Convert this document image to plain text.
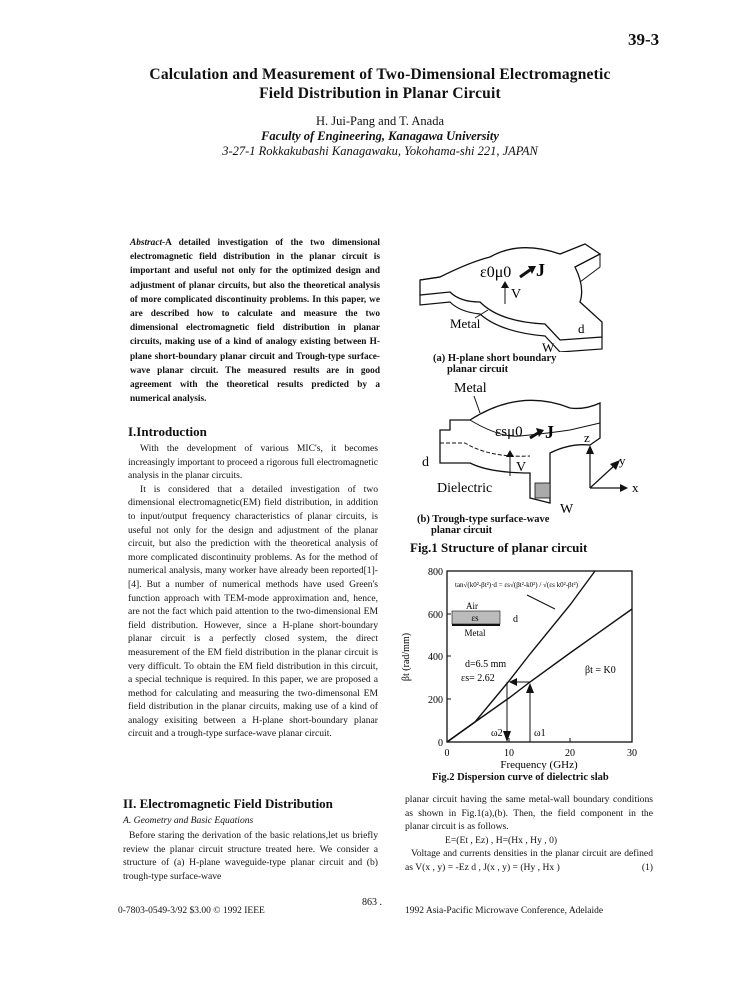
39-3
Calculation and Measurement of Two-Dimensional Electromagnetic
Field Distribution in Planar Circuit
H. Jui-Pang and T. Anada
Faculty of Engineering, Kanagawa University
3-27-1 Rokkakubashi Kanagawaku, Yokohama-shi 221, JAPAN
Abstract-A detailed investigation of the two dimensional electromagnetic field distribution in the planar circuit is important and useful not only for the optimized design and adjustment of planar circuits, but also the theoretical analysis of more complicated discontinuity problems. In this paper, we are described how to calculate and measure the two dimensional electromagnetic field distribution in planar circuits, making use of a kind of analogy existing between H-plane short-boundary planar circuit and Trough-type surface-wave planar circuit. The measured results are in good agreement with the theoretical results predicted by a numerical analysis.
I.Introduction

With the development of various MIC's, it becomes increasingly important to proceed a rigorous full electromagnetic analysis in the planar circuits.

It is considered that a detailed investigation of two dimensional electromagnetic(EM) field distribution, in addition to input/output frequency characteristics of planar circuits, is useful not only for the design and adjustment of the planar circuit, but also the prediction with the theoretical analysis of more complicated discontinuity problems. As for the method of numerical analysis, many worker have already been reported[1]-[4]. But a number of numerical methods have used Green's function approach with TEM-mode approximation and, hence, are not the fact which paid attention to the two-dimensional EM field distribution. However, since a H-plane short-boundary planar circuit is a perfectly closed system, the direct measurement of the EM field distribution in the planar circuit is very difficult. To obtain the EM field distribution in this circuit, a special technique is required. In this paper, we are proposed a method for calculating and measuring the two-dimensonal EM field distribution in the planar circuits, making use of a kind of analogy exisiting between a H-plane short-boundary planar circuit and a trough-type surface-wave planar circuit.

II. Electromagnetic Field Distribution
A. Geometry and Basic Equations

Before staring the derivation of the basic relations,let us briefly review the planar circuit structure treated here. We consider a structure of (a) H-plane waveguide-type planar circuit and (b) trough-type surface-wave

planar circuit having the same metal-wall boundary conditions as shown in Fig.1(a),(b). Then, the field component in the planar circuit is as follows.

E=(Et , Ez) , H=(Hx , Hy , 0)

Voltage and currents densities in the planar circuit are defined as V(x , y) = -Ez d , J(x , y) = (Hy , Hx )	(1)

ε0μ0 J
V
Metal	d
W
(a) H-plane short boundary
planar circuit
Metal
εsμ0 J
V
d
Dielectric
W
z
y
x
(b) Trough-type surface-wave
planar circuit
Fig.1 Structure of planar circuit
0
200
400
600
800
0	10	20	30
Frequency (GHz)
βt (rad/mm)
ω1
ω2
tan√(k0²-βt²)·d = εs√(βt²-k0²) / √(εs k0²-βt²)
Air
εs
Metal
d
d=6.5 mm
εs= 2.62
βt = K0
Fig.2 Dispersion curve of dielectric slab
0-7803-0549-3/92 $3.00 © 1992 IEEE
863 .
1992 Asia-Pacific Microwave Conference, Adelaide
